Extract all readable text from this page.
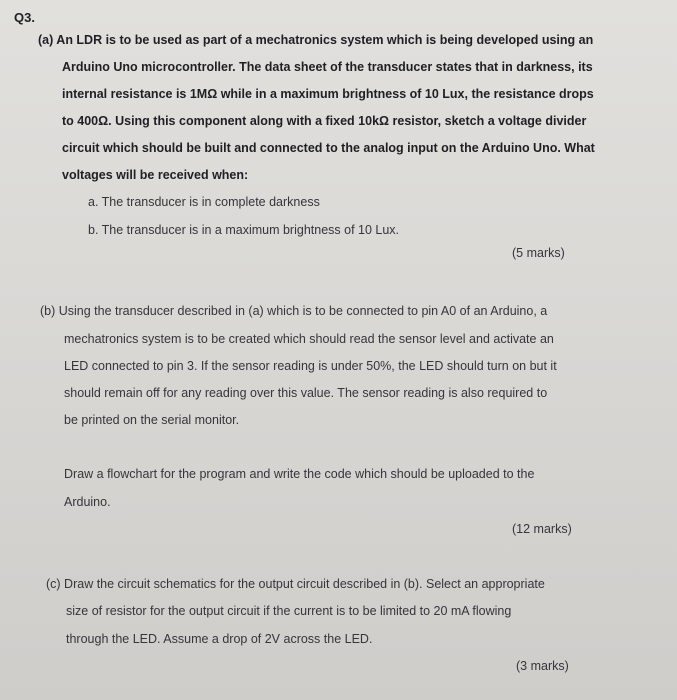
Q3.
(a) An LDR is to be used as part of a mechatronics system which is being developed using an
Arduino Uno microcontroller. The data sheet of the transducer states that in darkness, its
internal resistance is 1MΩ while in a maximum brightness of 10 Lux, the resistance drops
to 400Ω. Using this component along with a fixed 10kΩ resistor, sketch a voltage divider
circuit which should be built and connected to the analog input on the Arduino Uno. What
voltages will be received when:
a. The transducer is in complete darkness
b. The transducer is in a maximum brightness of 10 Lux.
(5 marks)
(b) Using the transducer described in (a) which is to be connected to pin A0 of an Arduino, a
mechatronics system is to be created which should read the sensor level and activate an
LED connected to pin 3. If the sensor reading is under 50%, the LED should turn on but it
should remain off for any reading over this value. The sensor reading is also required to
be printed on the serial monitor.
Draw a flowchart for the program and write the code which should be uploaded to the
Arduino.
(12 marks)
(c) Draw the circuit schematics for the output circuit described in (b). Select an appropriate
size of resistor for the output circuit if the current is to be limited to 20 mA flowing
through the LED. Assume a drop of 2V across the LED.
(3 marks)
